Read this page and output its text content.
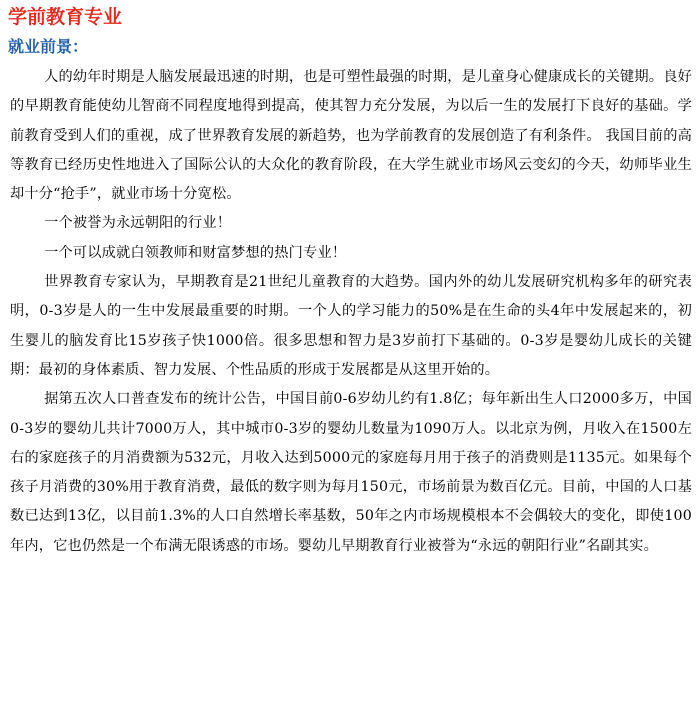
学前教育专业
就业前景：

人的幼年时期是人脑发展最迅速的时期，也是可塑性最强的时期，是儿童身心健康成长的关键期。良好的早期教育能使幼儿智商不同程度地得到提高，使其智力充分发展，为以后一生的发展打下良好的基础。学前教育受到人们的重视，成了世界教育发展的新趋势，也为学前教育的发展创造了有利条件。 我国目前的高等教育已经历史性地进入了国际公认的大众化的教育阶段，在大学生就业市场风云变幻的今天，幼师毕业生却十分“抢手”，就业市场十分宽松。

一个被誉为永远朝阳的行业！

一个可以成就白领教师和财富梦想的热门专业！

世界教育专家认为，早期教育是21世纪儿童教育的大趋势。国内外的幼儿发展研究机构多年的研究表明，0-3岁是人的一生中发展最重要的时期。一个人的学习能力的50%是在生命的头4年中发展起来的，初生婴儿的脑发育比15岁孩子快1000倍。很多思想和智力是3岁前打下基础的。0-3岁是婴幼儿成长的关键期：最初的身体素质、智力发展、个性品质的形成于发展都是从这里开始的。

据第五次人口普查发布的统计公告，中国目前0-6岁幼儿约有1.8亿；每年新出生人口2000多万，中国0-3岁的婴幼儿共计7000万人，其中城市0-3岁的婴幼儿数量为1090万人。以北京为例，月收入在1500左右的家庭孩子的月消费额为532元，月收入达到5000元的家庭每月用于孩子的消费则是1135元。如果每个孩子月消费的30%用于教育消费，最低的数字则为每月150元，市场前景为数百亿元。目前，中国的人口基数已达到13亿，以目前1.3%的人口自然增长率基数，50年之内市场规模根本不会偶较大的变化，即使100年内，它也仍然是一个布满无限诱惑的市场。婴幼儿早期教育行业被誉为“永远的朝阳行业”名副其实。
